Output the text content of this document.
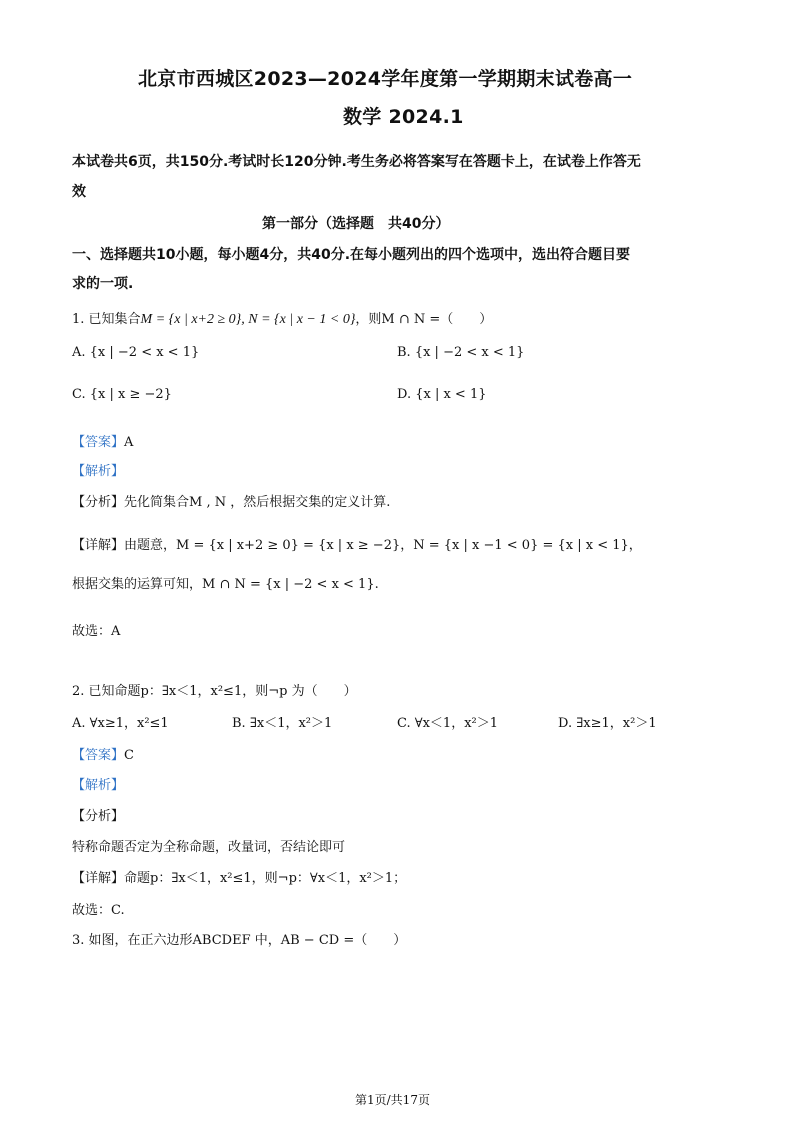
北京市西城区2023—2024学年度第一学期期末试卷高一
数学 2024.1
本试卷共6页，共150分.考试时长120分钟.考生务必将答案写在答题卡上，在试卷上作答无
效
第一部分（选择题　共40分）
一、选择题共10小题，每小题4分，共40分.在每小题列出的四个选项中，选出符合题目要
求的一项.
1. 已知集合M = {x | x+2 ≥ 0}, N = {x | x − 1 < 0}，则M ∩ N =（　　）
A. {x | −2 < x < 1}	B. {x | −2 < x < 1}
C. {x | x ≥ −2}	D. {x | x < 1}
【答案】A
【解析】
【分析】先化简集合M , N ，然后根据交集的定义计算.
【详解】由题意，M = {x | x+2 ≥ 0} = {x | x ≥ −2}，N = {x | x −1 < 0} = {x | x < 1}，
根据交集的运算可知，M ∩ N = {x | −2 < x < 1}.
故选：A
2. 已知命题p：∃x＜1，x²≤1，则¬p 为（　　）
A. ∀x≥1，x²≤1	B. ∃x＜1，x²＞1	C. ∀x＜1，x²＞1	D. ∃x≥1，x²＞1
【答案】C
【解析】
【分析】
特称命题否定为全称命题，改量词，否结论即可
【详解】命题p：∃x＜1，x²≤1，则¬p：∀x＜1，x²＞1；
故选：C.
3. 如图，在正六边形ABCDEF 中，AB − CD =（　　）
第1页/共17页
